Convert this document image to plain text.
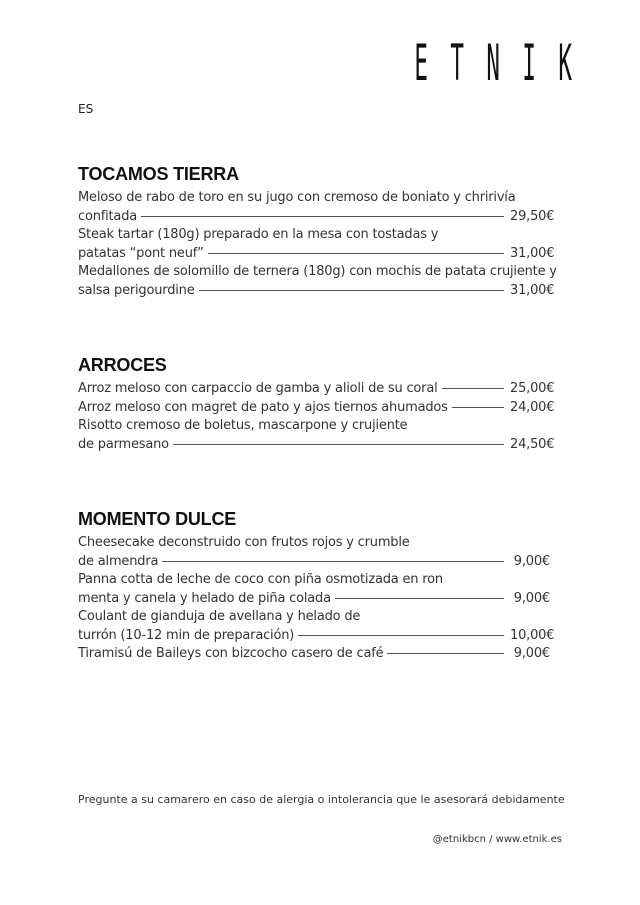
E T N I K
ES
TOCAMOS TIERRA
Meloso de rabo de toro en su jugo con cremoso de boniato y chririvía
confitada	29,50€
Steak tartar (180g) preparado en la mesa con tostadas y
patatas “pont neuf”	31,00€
Medallones de solomillo de ternera (180g) con mochis de patata crujiente y
salsa perigourdine	31,00€
ARROCES
Arroz meloso con carpaccio de gamba y alioli de su coral	25,00€
Arroz meloso con magret de pato y ajos tiernos ahumados	24,00€
Risotto cremoso de boletus, mascarpone y crujiente
de parmesano	24,50€
MOMENTO DULCE
Cheesecake deconstruido con frutos rojos y crumble
de almendra	9,00€
Panna cotta de leche de coco con piña osmotizada en ron
menta y canela y helado de piña colada	9,00€
Coulant de gianduja de avellana y helado de
turrón (10-12 min de preparación)	10,00€
Tiramisú de Baileys con bizcocho casero de café	9,00€
Pregunte a su camarero en caso de alergia o intolerancia que le asesorará debidamente
@etnikbcn / www.etnik.es
